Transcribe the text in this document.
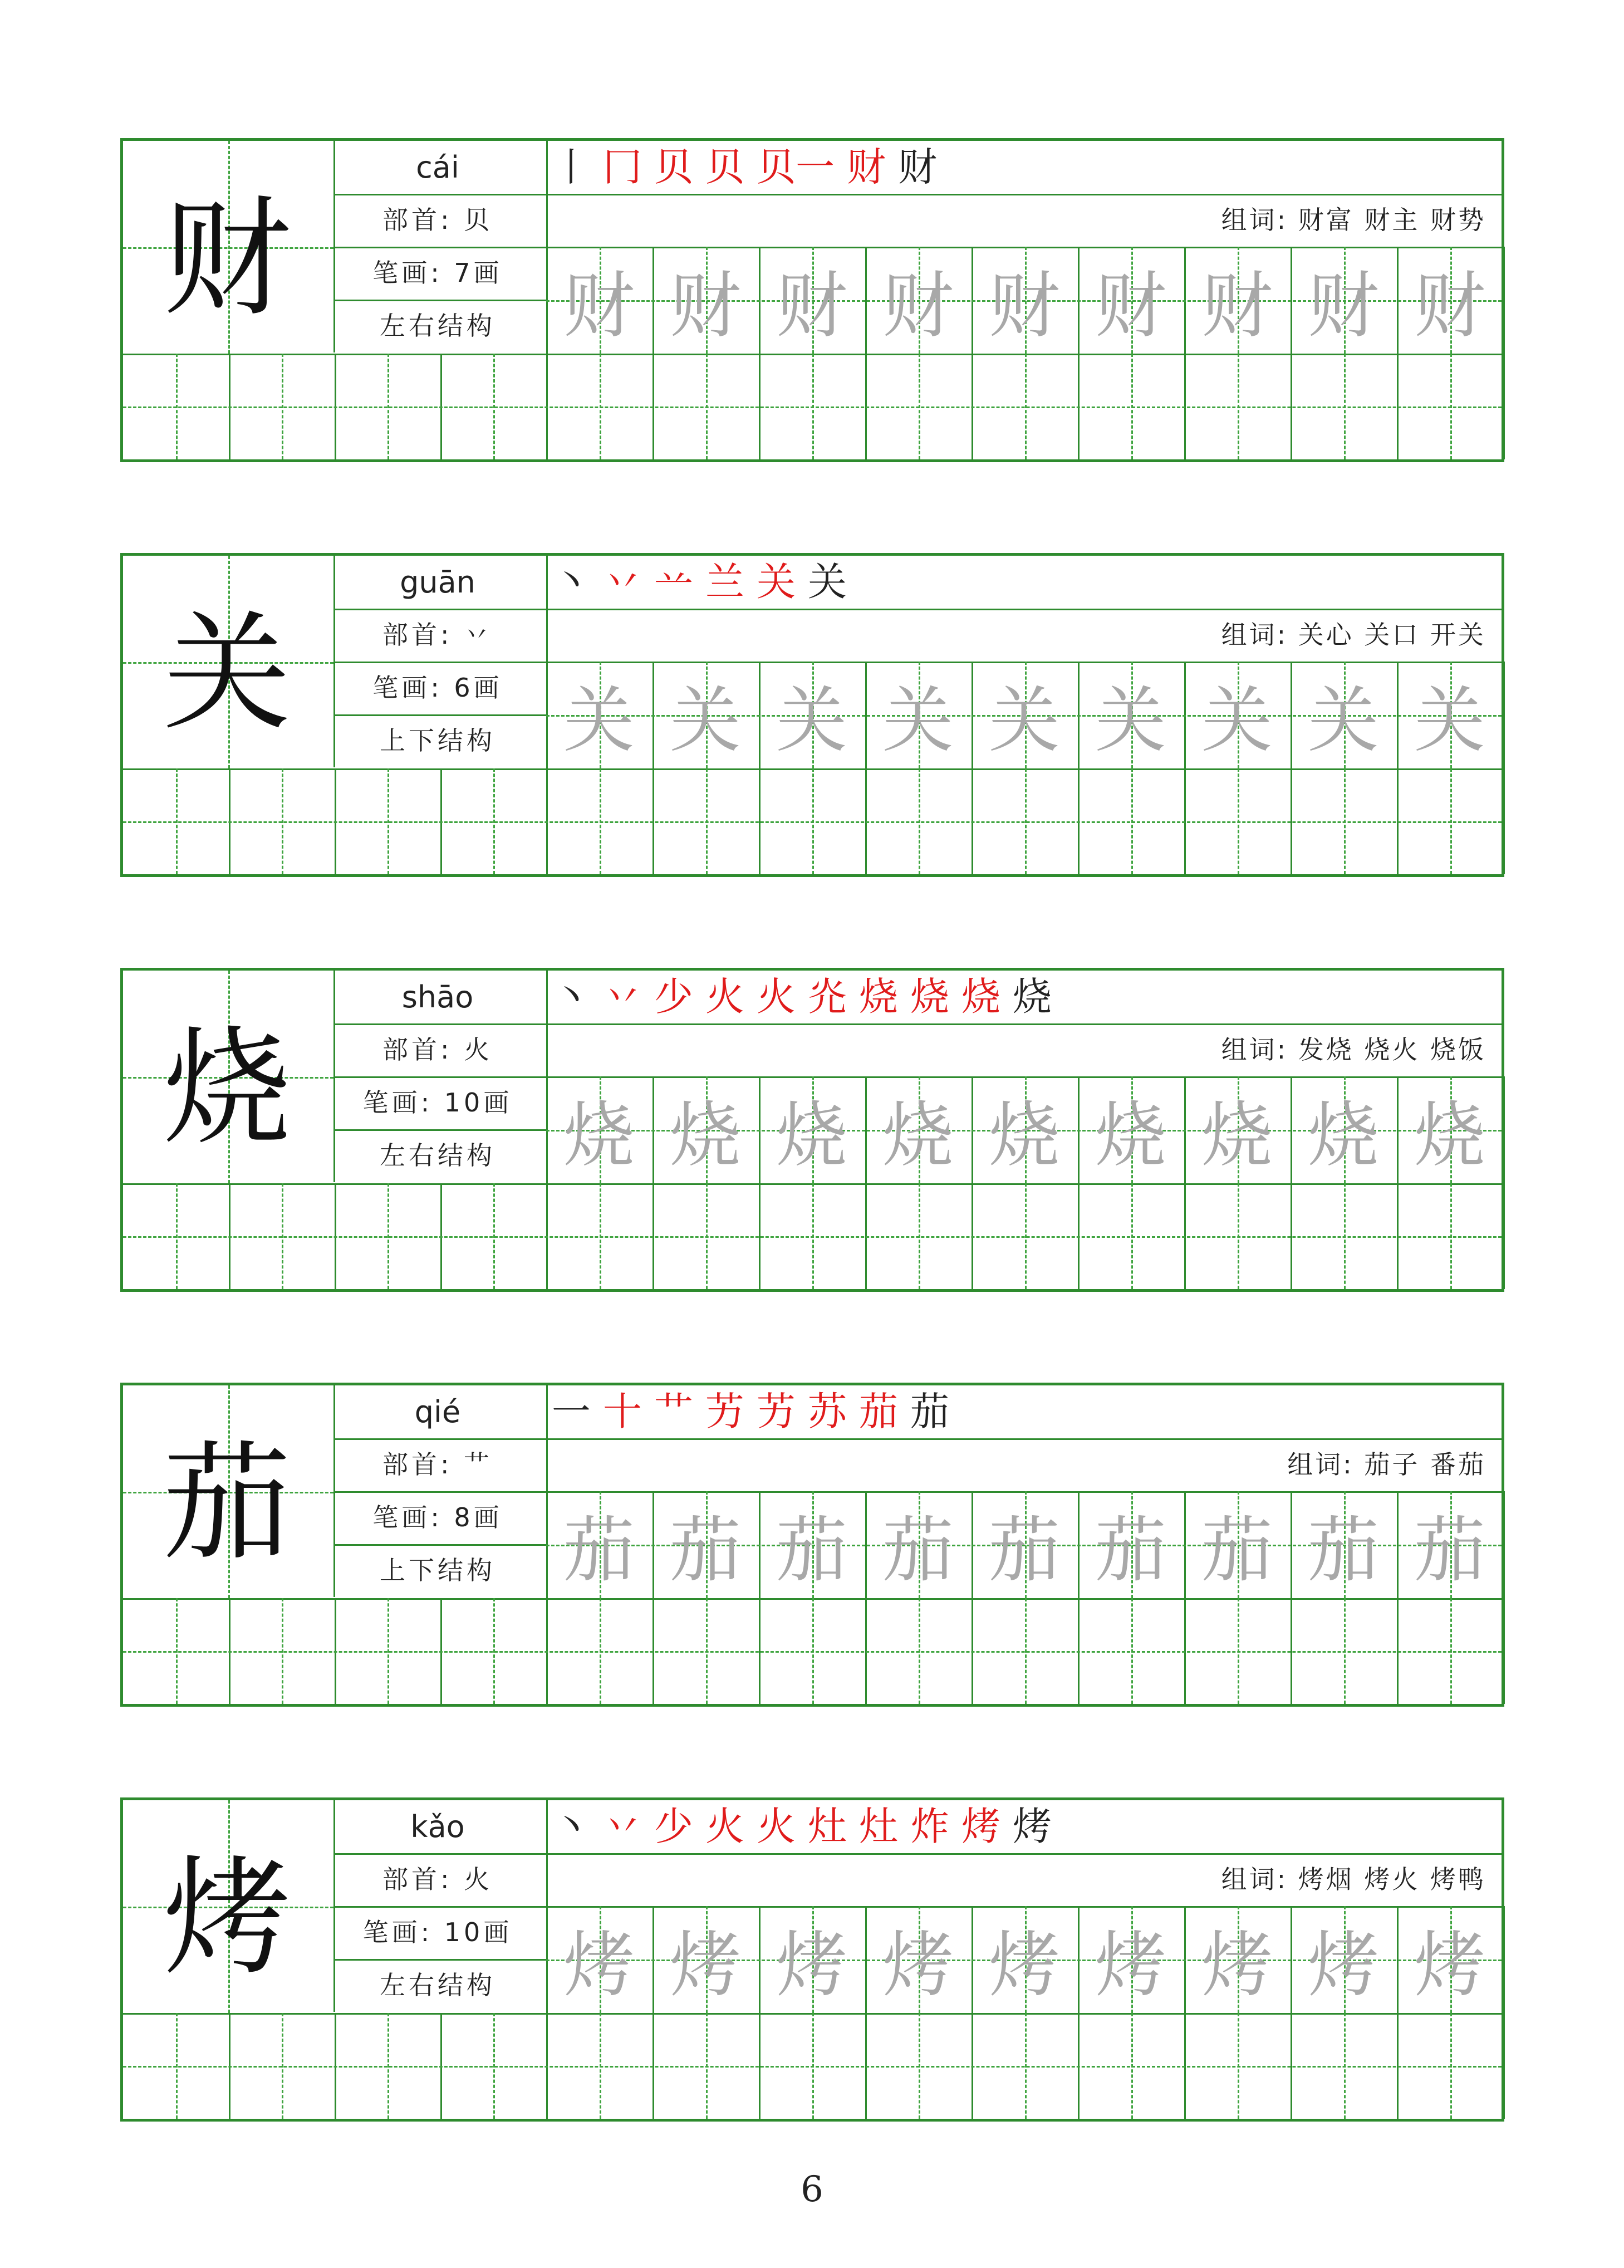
财
cái
部首: 贝
笔画: 7画
左右结构
丨 冂 贝 贝 贝一 财 财
组词: 财富 财主 财势
财 财 财 财 财 财 财 财 财
关
guān
部首: 丷
笔画: 6画
上下结构
丶 丷 䒑 兰 关 关
组词: 关心 关口 开关
关 关 关 关 关 关 关 关 关
烧
shāo
部首: 火
笔画: 10画
左右结构
丶 丷 少 火 火 灮 烧 烧 烧 烧
组词: 发烧 烧火 烧饭
烧 烧 烧 烧 烧 烧 烧 烧 烧
茄
qié
部首: 艹
笔画: 8画
上下结构
一 十 艹 艻 艻 苏 茄 茄
组词: 茄子 番茄
茄 茄 茄 茄 茄 茄 茄 茄 茄
烤
kǎo
部首: 火
笔画: 10画
左右结构
丶 丷 少 火 火 灶 灶 炸 烤 烤
组词: 烤烟 烤火 烤鸭
烤 烤 烤 烤 烤 烤 烤 烤 烤
6
